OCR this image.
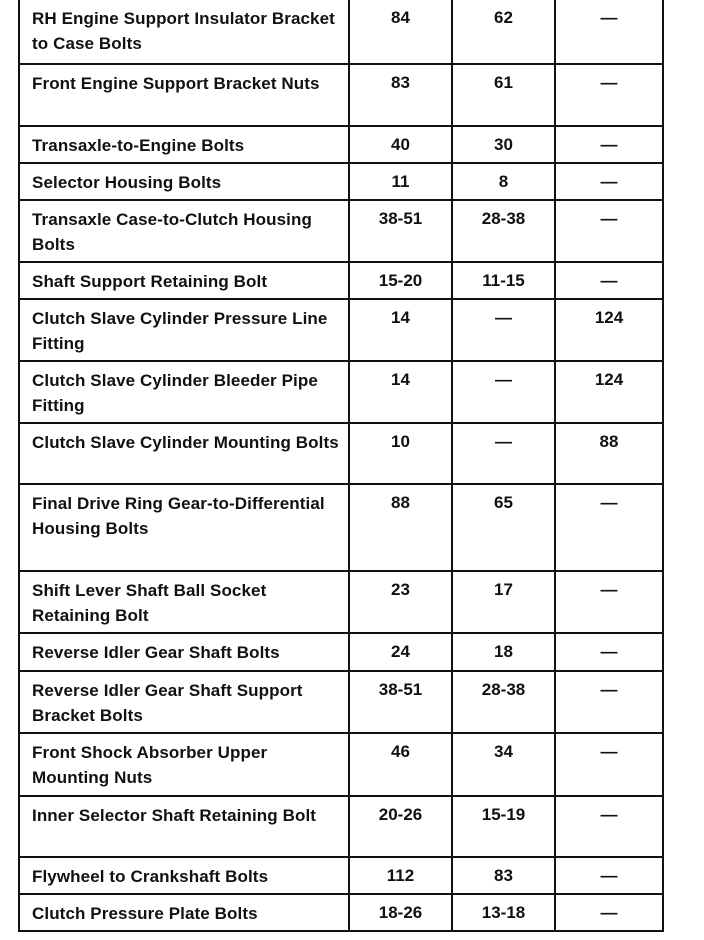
RH Engine Support Insulator Bracket to Case Bolts	84	62	—

Front Engine Support Bracket Nuts	83	61	—

Transaxle-to-Engine Bolts	40	30	—

Selector Housing Bolts	11	8	—

Transaxle Case-to-Clutch Housing Bolts	38-51	28-38	—

Shaft Support Retaining Bolt	15-20	11-15	—

Clutch Slave Cylinder Pressure Line Fitting	14	—	124

Clutch Slave Cylinder Bleeder Pipe Fitting	14	—	124

Clutch Slave Cylinder Mounting Bolts	10	—	88

Final Drive Ring Gear-to-Differential Housing Bolts	88	65	—

Shift Lever Shaft Ball Socket Retaining Bolt	23	17	—

Reverse Idler Gear Shaft Bolts	24	18	—

Reverse Idler Gear Shaft Support Bracket Bolts	38-51	28-38	—

Front Shock Absorber Upper Mounting Nuts	46	34	—

Inner Selector Shaft Retaining Bolt	20-26	15-19	—

Flywheel to Crankshaft Bolts	112	83	—

Clutch Pressure Plate Bolts	18-26	13-18	—
